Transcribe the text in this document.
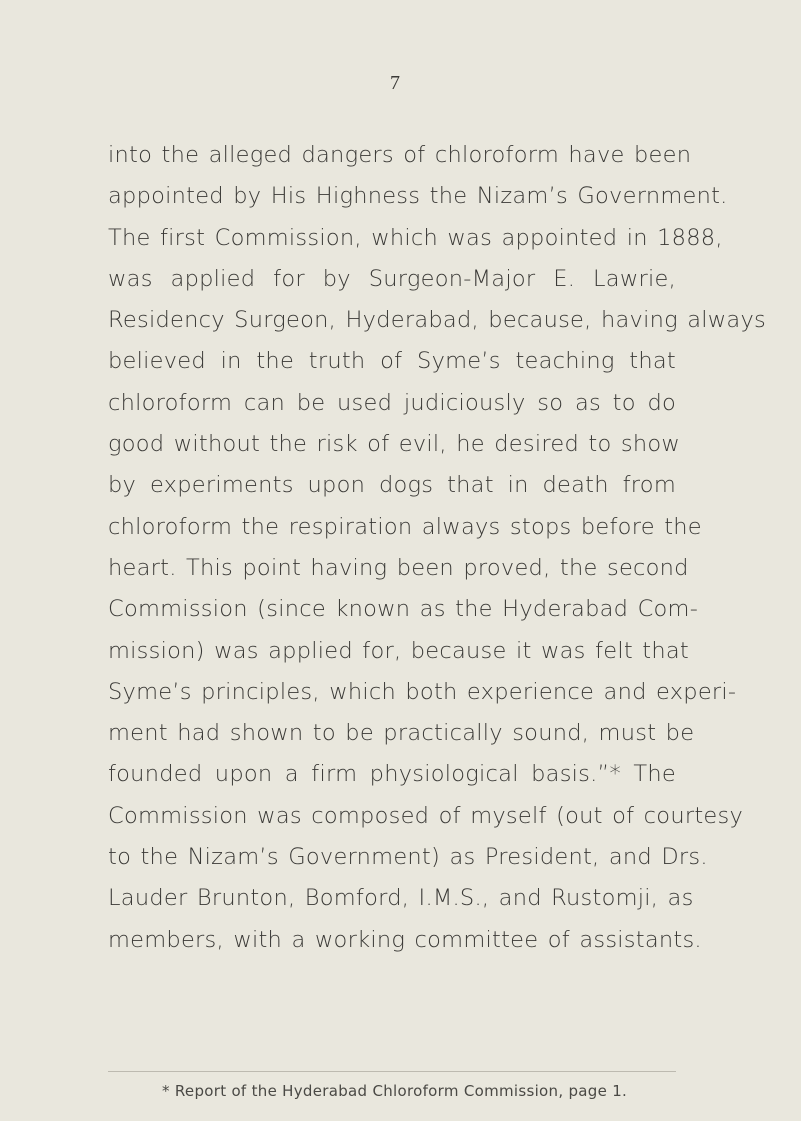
7
into the alleged dangers of chloroform have been
appointed by His Highness the Nizam’s Government.
The first Commission, which was appointed in 1888,
was applied for by Surgeon-Major E. Lawrie,
Residency Surgeon, Hyderabad, because, having always
believed in the truth of Syme’s teaching that
chloroform can be used judiciously so as to do
good without the risk of evil, he desired to show
by experiments upon dogs that in death from
chloroform the respiration always stops before the
heart. This point having been proved, the second
Commission (since known as the Hyderabad Com-
mission) was applied for, because it was felt that
Syme’s principles, which both experience and experi-
ment had shown to be practically sound, must be
founded upon a firm physiological basis.”* The
Commission was composed of myself (out of courtesy
to the Nizam’s Government) as President, and Drs.
Lauder Brunton, Bomford, I.M.S., and Rustomji, as
members, with a working committee of assistants.
* Report of the Hyderabad Chloroform Commission, page 1.
